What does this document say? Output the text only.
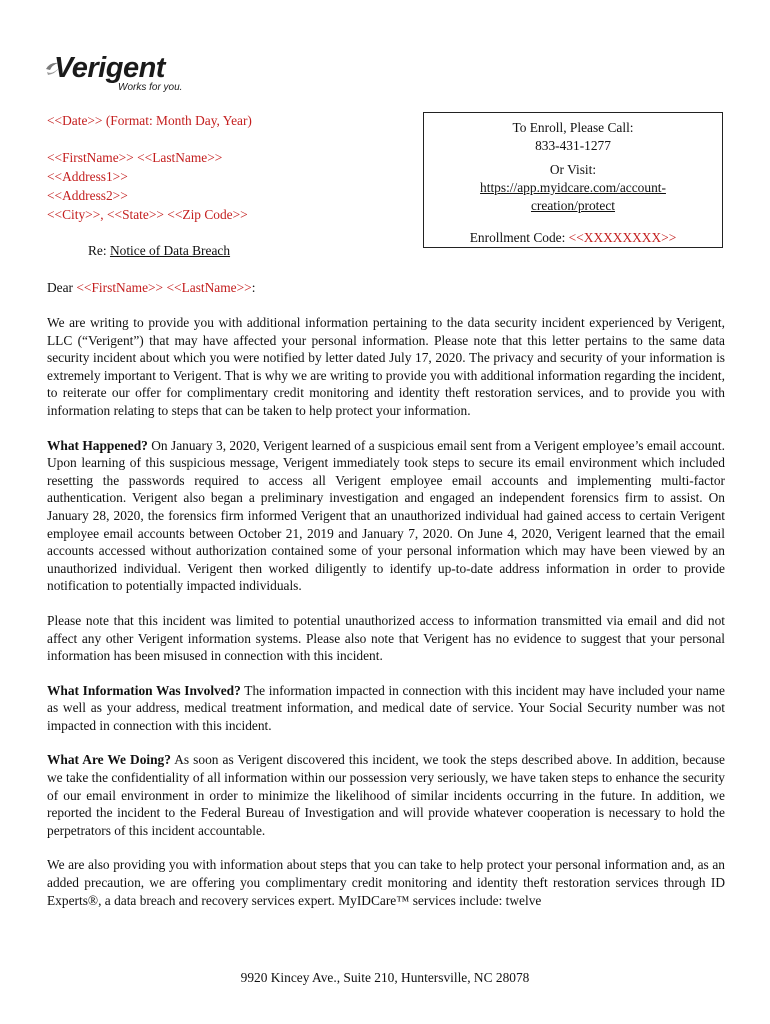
Verigent
Works for you.
<<Date>> (Format: Month Day, Year)
<<FirstName>> <<LastName>>
<<Address1>>
<<Address2>>
<<City>>, <<State>> <<Zip Code>>
Re: Notice of Data Breach
To Enroll, Please Call:
833-431-1277
Or Visit:
https://app.myidcare.com/account-
creation/protect
Enrollment Code: <<XXXXXXXX>>
Dear <<FirstName>> <<LastName>>:

We are writing to provide you with additional information pertaining to the data security incident experienced by Verigent, LLC (“Verigent”) that may have affected your personal information. Please note that this letter pertains to the same data security incident about which you were notified by letter dated July 17, 2020. The privacy and security of your information is extremely important to Verigent. That is why we are writing to provide you with additional information regarding the incident, to reiterate our offer for complimentary credit monitoring and identity theft restoration services, and to provide you with information relating to steps that can be taken to help protect your information.

What Happened? On January 3, 2020, Verigent learned of a suspicious email sent from a Verigent employee’s email account. Upon learning of this suspicious message, Verigent immediately took steps to secure its email environment which included resetting the passwords required to access all Verigent employee email accounts and implementing multi-factor authentication. Verigent also began a preliminary investigation and engaged an independent forensics firm to assist. On January 28, 2020, the forensics firm informed Verigent that an unauthorized individual had gained access to certain Verigent employee email accounts between October 21, 2019 and January 7, 2020. On June 4, 2020, Verigent learned that the email accounts accessed without authorization contained some of your personal information which may have been viewed by an unauthorized individual. Verigent then worked diligently to identify up-to-date address information in order to provide notification to potentially impacted individuals.

Please note that this incident was limited to potential unauthorized access to information transmitted via email and did not affect any other Verigent information systems. Please also note that Verigent has no evidence to suggest that your personal information has been misused in connection with this incident.

What Information Was Involved? The information impacted in connection with this incident may have included your name as well as your address, medical treatment information, and medical date of service. Your Social Security number was not impacted in connection with this incident.

What Are We Doing? As soon as Verigent discovered this incident, we took the steps described above. In addition, because we take the confidentiality of all information within our possession very seriously, we have taken steps to enhance the security of our email environment in order to minimize the likelihood of similar incidents occurring in the future. In addition, we reported the incident to the Federal Bureau of Investigation and will provide whatever cooperation is necessary to hold the perpetrators of this incident accountable.

We are also providing you with information about steps that you can take to help protect your personal information and, as an added precaution, we are offering you complimentary credit monitoring and identity theft restoration services through ID Experts®, a data breach and recovery services expert. MyIDCare™ services include: twelve

9920 Kincey Ave., Suite 210, Huntersville, NC 28078
